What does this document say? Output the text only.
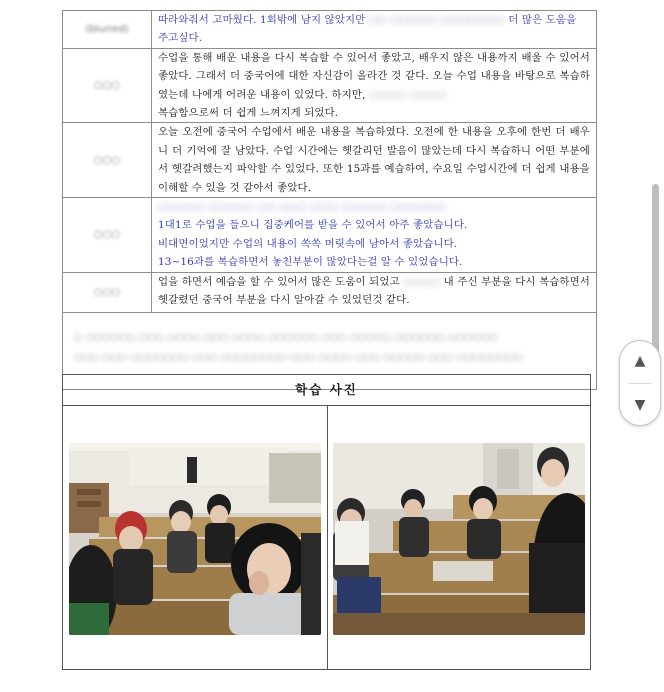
(blurred)	따라와줘서 고마웠다. 1회밖에 남지 않았지만 ○○ ○○○○○ ○○○○○○○ 더 많은 도움을
주고싶다.
○○○	수업을 통해 배운 내용을 다시 복습할 수 있어서 좋았고, 배우지 않은 내용까지 배울 수 있어서 좋았다. 그래서 더 중국어에 대한 자신감이 올라간 것 같다. 오늘 수업 내용을 바탕으로 복습하였는데 나에게 어려운 내용이 있었다. 하지만, ○○○○ ○○○○
복습함으로써 더 쉽게 느껴지게 되었다.
○○○	오늘 오전에 중국어 수업에서 배운 내용을 복습하였다. 오전에 한 내용을 오후에 한번 더 배우니 더 기억에 잘 남았다. 수업 시간에는 헷갈리던 발음이 많았는데 다시 복습하니 어떤 부분에서 헷갈려했는지 파악할 수 있었다. 또한 15과를 예습하여, 수요일 수업시간에 더 쉽게 내용을 이해할 수 있을 것 같아서 좋았다.
○○○	○○○○○ ○○○○○ ○○ ○○○ ○○○ ○○○○○ ○○○○○○
1대1로 수업을 들으니 집중케어를 받을 수 있어서 아주 좋았습니다.
비대면이었지만 수업의 내용이 쏙쏙 머릿속에 남아서 좋았습니다.
13~16과를 복습하면서 놓친부분이 많았다는걸 알 수 있었습니다.
○○○	업을 하면서 예습을 할 수 있어서 많은 도움이 되었고 ○○○○ 내 주신 부분을 다시 복습하면서 헷갈렸던 중국어 부분을 다시 알아갈 수 있었던것 같다.

○ ○○○○○○ ○○○ ○○○○ ○○○ ○○○○ ○○○○○○ ○○○ ○○○○○ ○○○○○○ ○○○○○○
○○○ ○○○ ○○○○○○○ ○○○ ○○○○○○○○ ○○○ ○○○○ ○○○ ○○○○○ ○○○ ○○○○○○○○	
학습 사진
▲
▼
